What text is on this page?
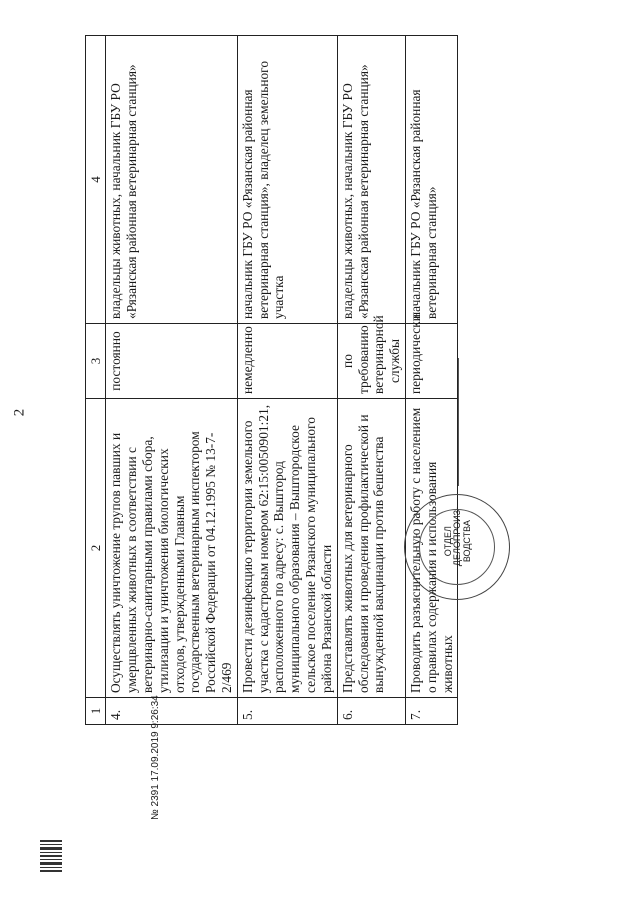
2
1	2	3	4
4.	Осуществлять уничтожение трупов павших и умерщвленных животных в соответствии с ветеринарно-санитарными правилами сбора, утилизации и уничтожения биологических отходов, утвержденными Главным государственным ветеринарным инспектором Российской Федерации от 04.12.1995 № 13-7-2/469	постоянно	владельцы животных, начальник ГБУ РО «Рязанская районная ветеринарная станция»
5.	Провести дезинфекцию территории земельного участка с кадастровым номером 62:15:0050901:21, расположенного по адресу: с. Выштород муниципального образования – Выштородское сельское поселение Рязанского муниципального района Рязанской области	немедленно	начальник ГБУ РО «Рязанская районная ветеринарная станция», владелец земельного участка
6.	Представлять животных для ветеринарного обследования и проведения профилактической и вынужденной вакцинации против бешенства	по требованию ветеринарной службы	владельцы животных, начальник ГБУ РО «Рязанская районная ветеринарная станция»
7.	Проводить разъяснительную работу с населением о правилах содержания и использования животных	периодически	начальник ГБУ РО «Рязанская районная ветеринарная станция»
ОТДЕЛ ДЕЛОПРОИЗ- ВОДСТВА
№ 2391 17.09.2019 9:26:34
